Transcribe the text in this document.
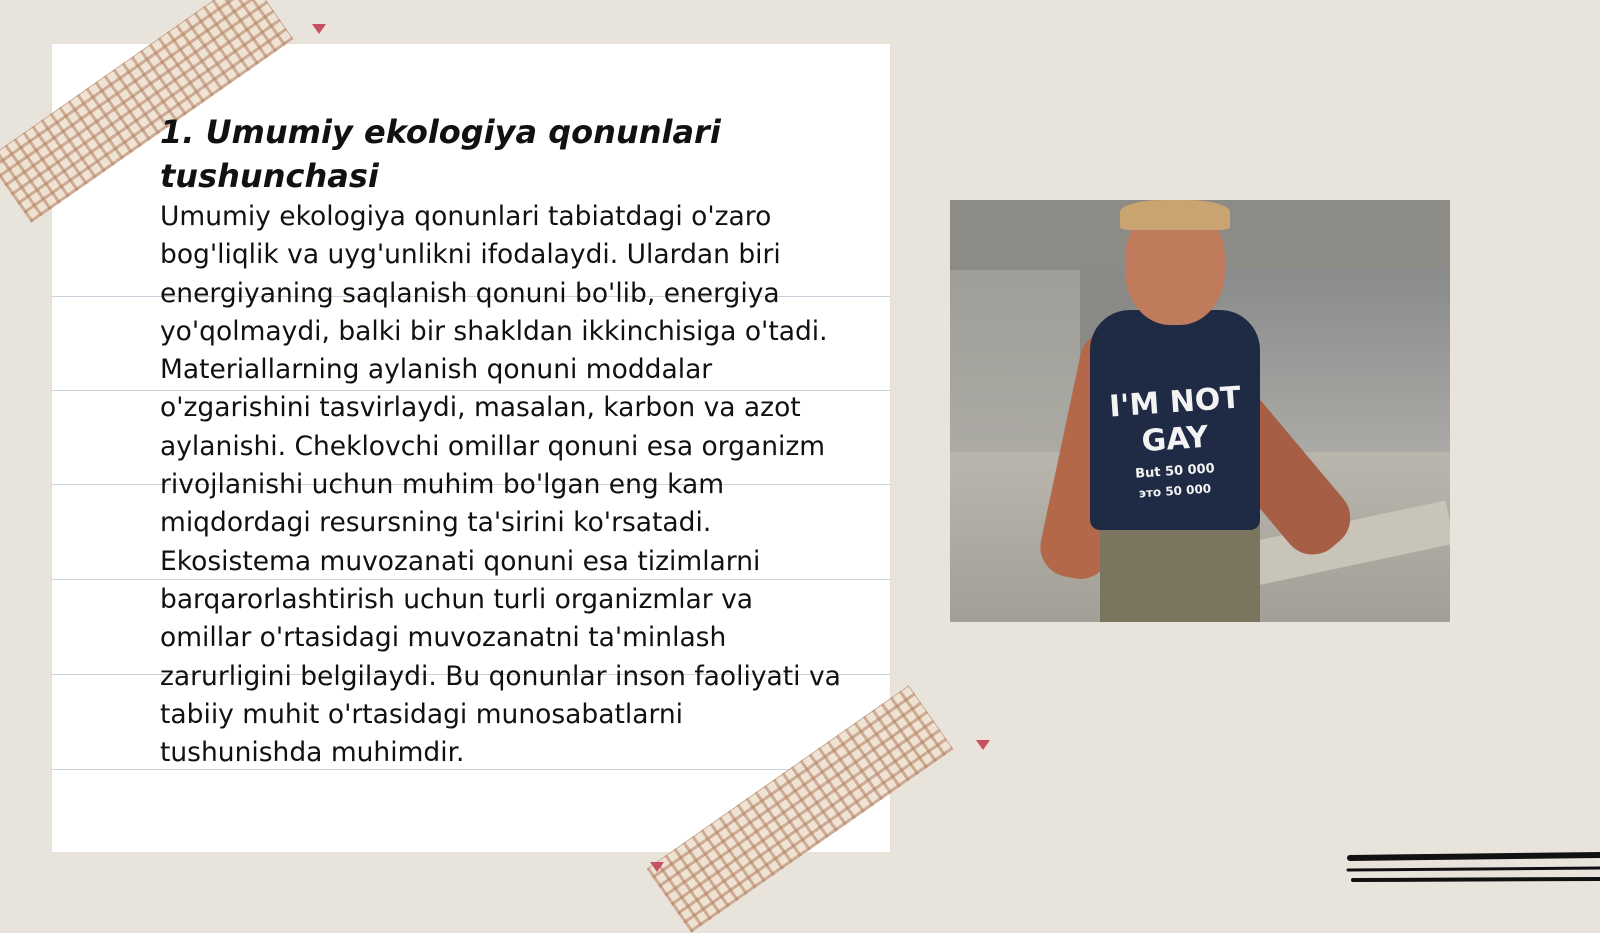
1. Umumiy ekologiya qonunlari tushunchasi

Umumiy ekologiya qonunlari tabiatdagi o'zaro bog'liqlik va uyg'unlikni ifodalaydi. Ulardan biri energiyaning saqlanish qonuni bo'lib, energiya yo'qolmaydi, balki bir shakldan ikkinchisiga o'tadi. Materiallarning aylanish qonuni moddalar o'zgarishini tasvirlaydi, masalan, karbon va azot aylanishi. Cheklovchi omillar qonuni esa organizm rivojlanishi uchun muhim bo'lgan eng kam miqdordagi resursning ta'sirini ko'rsatadi. Ekosistema muvozanati qonuni esa tizimlarni barqarorlashtirish uchun turli organizmlar va omillar o'rtasidagi muvozanatni ta'minlash zarurligini belgilaydi. Bu qonunlar inson faoliyati va tabiiy muhit o'rtasidagi munosabatlarni tushunishda muhimdir.

I'M NOT
GAY
But 50 000
это 50 000
